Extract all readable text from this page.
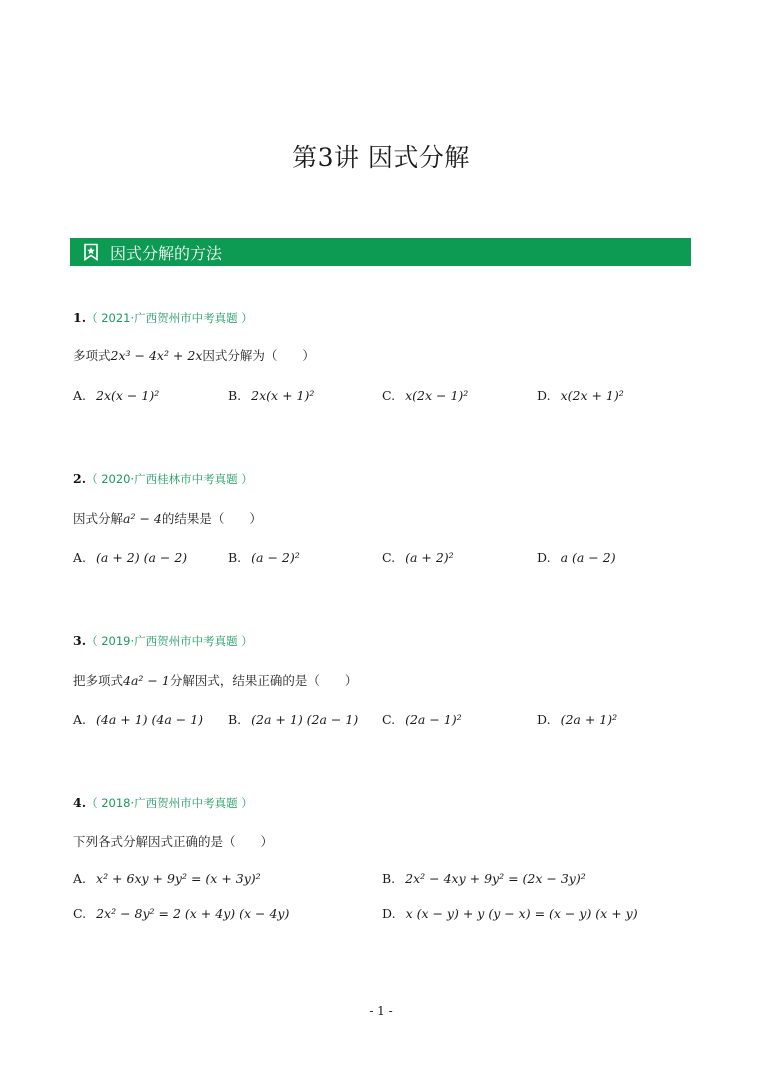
第3讲 因式分解
因式分解的方法
1.（ 2021·广西贺州市中考真题 ）
多项式2x³ − 4x² + 2x因式分解为（　　）
A. 2x(x − 1)²	B. 2x(x + 1)²	C. x(2x − 1)²	D. x(2x + 1)²
2.（ 2020·广西桂林市中考真题 ）
因式分解a² − 4的结果是（　　）
A. (a + 2) (a − 2)	B. (a − 2)²	C. (a + 2)²	D. a (a − 2)
3.（ 2019·广西贺州市中考真题 ）
把多项式4a² − 1分解因式，结果正确的是（　　）
A. (4a + 1) (4a − 1) B. (2a + 1) (2a − 1) C. (2a − 1)²	D. (2a + 1)²
4.（ 2018·广西贺州市中考真题 ）
下列各式分解因式正确的是（　　）
A. x² + 6xy + 9y² = (x + 3y)²	B. 2x² − 4xy + 9y² = (2x − 3y)²
C. 2x² − 8y² = 2 (x + 4y) (x − 4y)	D. x (x − y) + y (y − x) = (x − y) (x + y)
- 1 -
